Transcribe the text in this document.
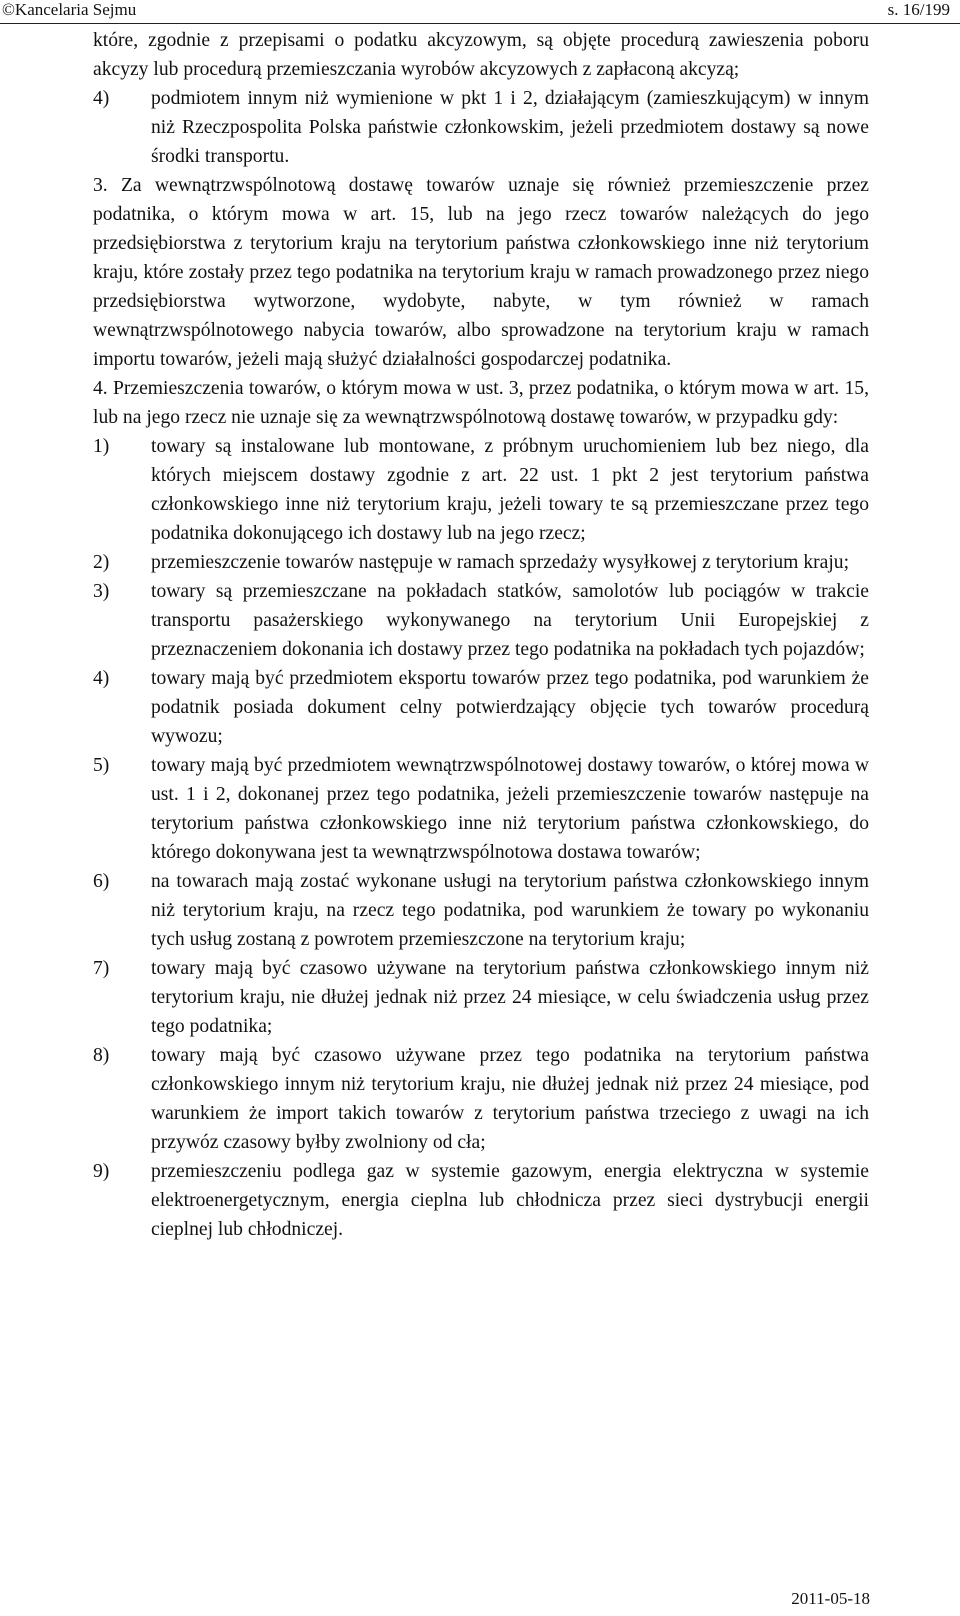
©Kancelaria Sejmu	s. 16/199

które, zgodnie z przepisami o podatku akcyzowym, są objęte procedurą zawieszenia poboru akcyzy lub procedurą przemieszczania wyrobów akcyzowych z zapłaconą akcyzą;

4) podmiotem innym niż wymienione w pkt 1 i 2, działającym (zamieszkującym) w innym niż Rzeczpospolita Polska państwie członkowskim, jeżeli przedmiotem dostawy są nowe środki transportu.

3. Za wewnątrzwspólnotową dostawę towarów uznaje się również przemieszczenie przez podatnika, o którym mowa w art. 15, lub na jego rzecz towarów należących do jego przedsiębiorstwa z terytorium kraju na terytorium państwa członkowskiego inne niż terytorium kraju, które zostały przez tego podatnika na terytorium kraju w ramach prowadzonego przez niego przedsiębiorstwa wytworzone, wydobyte, nabyte, w tym również w ramach wewnątrzwspólnotowego nabycia towarów, albo sprowadzone na terytorium kraju w ramach importu towarów, jeżeli mają służyć działalności gospodarczej podatnika.

4. Przemieszczenia towarów, o którym mowa w ust. 3, przez podatnika, o którym mowa w art. 15, lub na jego rzecz nie uznaje się za wewnątrzwspólnotową dostawę towarów, w przypadku gdy:

1) towary są instalowane lub montowane, z próbnym uruchomieniem lub bez niego, dla których miejscem dostawy zgodnie z art. 22 ust. 1 pkt 2 jest terytorium państwa członkowskiego inne niż terytorium kraju, jeżeli towary te są przemieszczane przez tego podatnika dokonującego ich dostawy lub na jego rzecz;

2) przemieszczenie towarów następuje w ramach sprzedaży wysyłkowej z terytorium kraju;

3) towary są przemieszczane na pokładach statków, samolotów lub pociągów w trakcie transportu pasażerskiego wykonywanego na terytorium Unii Europejskiej z przeznaczeniem dokonania ich dostawy przez tego podatnika na pokładach tych pojazdów;

4) towary mają być przedmiotem eksportu towarów przez tego podatnika, pod warunkiem że podatnik posiada dokument celny potwierdzający objęcie tych towarów procedurą wywozu;

5) towary mają być przedmiotem wewnątrzwspólnotowej dostawy towarów, o której mowa w ust. 1 i 2, dokonanej przez tego podatnika, jeżeli przemieszczenie towarów następuje na terytorium państwa członkowskiego inne niż terytorium państwa członkowskiego, do którego dokonywana jest ta wewnątrzwspólnotowa dostawa towarów;

6) na towarach mają zostać wykonane usługi na terytorium państwa członkowskiego innym niż terytorium kraju, na rzecz tego podatnika, pod warunkiem że towary po wykonaniu tych usług zostaną z powrotem przemieszczone na terytorium kraju;

7) towary mają być czasowo używane na terytorium państwa członkowskiego innym niż terytorium kraju, nie dłużej jednak niż przez 24 miesiące, w celu świadczenia usług przez tego podatnika;

8) towary mają być czasowo używane przez tego podatnika na terytorium państwa członkowskiego innym niż terytorium kraju, nie dłużej jednak niż przez 24 miesiące, pod warunkiem że import takich towarów z terytorium państwa trzeciego z uwagi na ich przywóz czasowy byłby zwolniony od cła;

9) przemieszczeniu podlega gaz w systemie gazowym, energia elektryczna w systemie elektroenergetycznym, energia cieplna lub chłodnicza przez sieci dystrybucji energii cieplnej lub chłodniczej.

2011-05-18
